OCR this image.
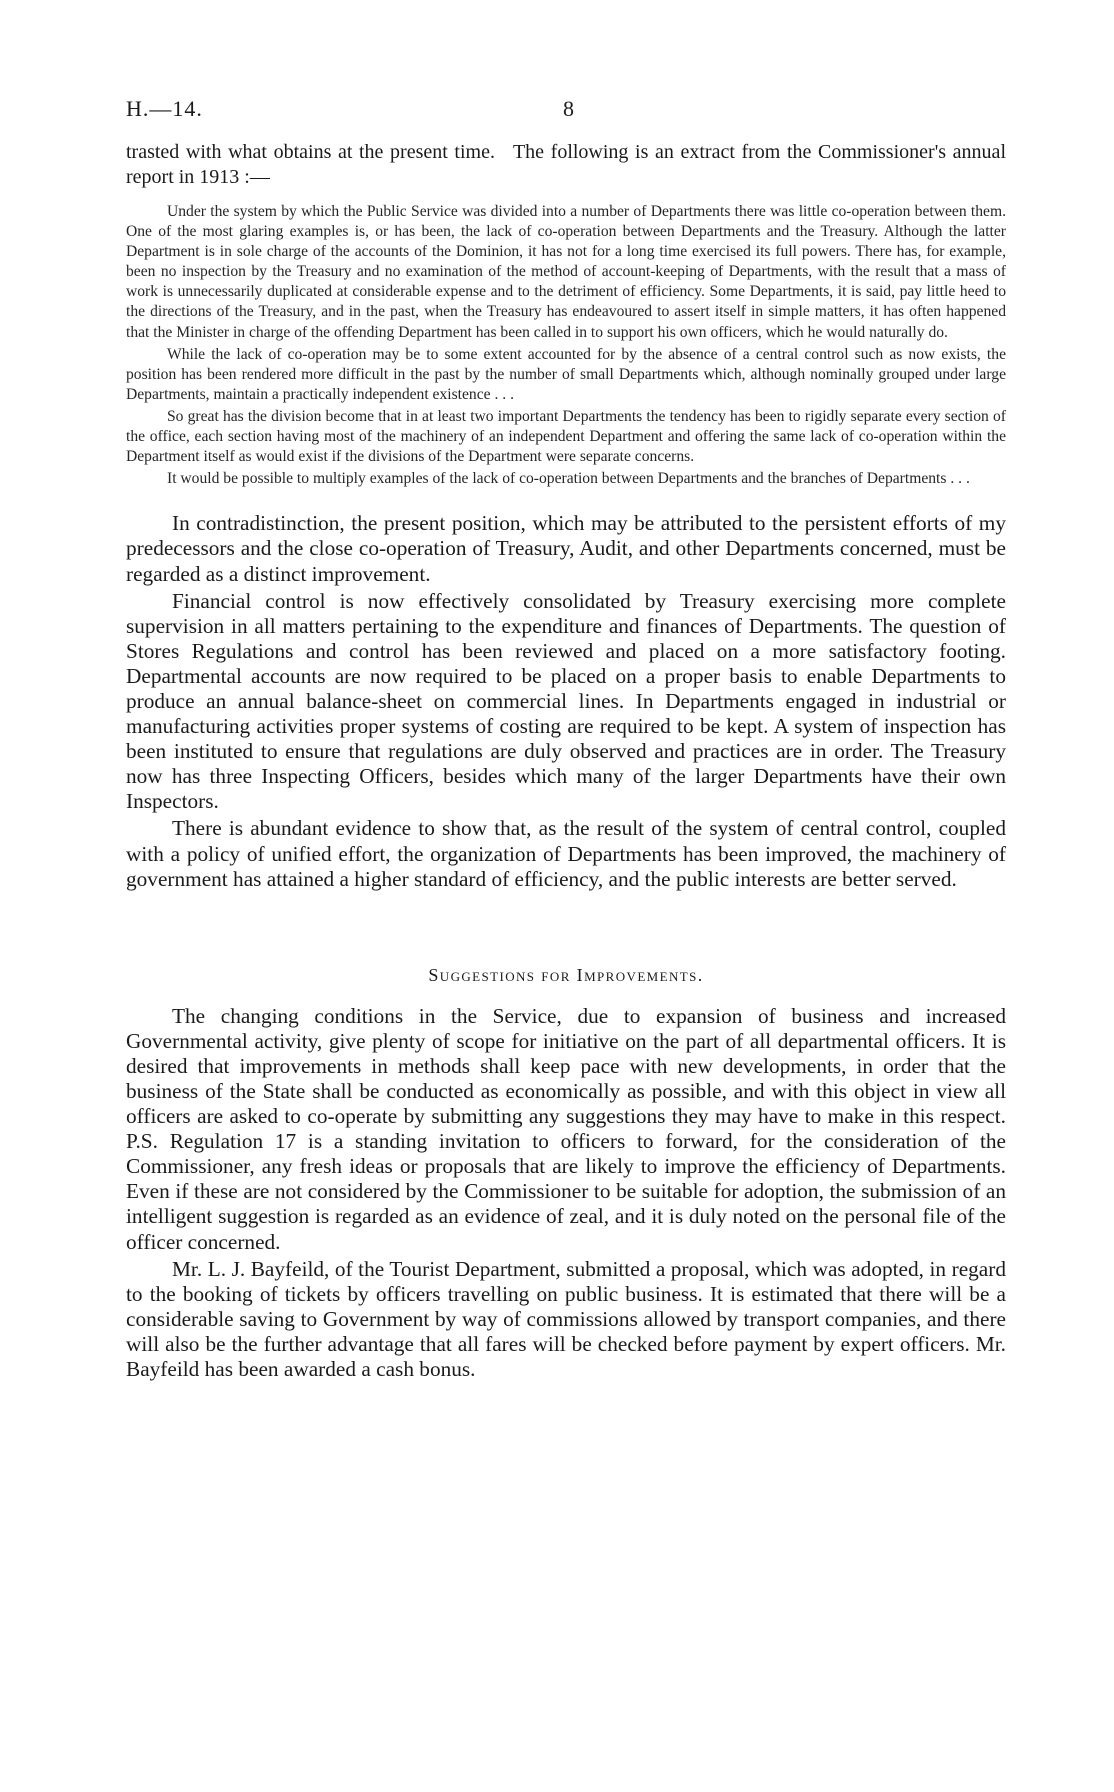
H.—14.	8

trasted with what obtains at the present time. The following is an extract from the Commissioner's annual report in 1913 :—

Under the system by which the Public Service was divided into a number of Departments there was little co-operation between them. One of the most glaring examples is, or has been, the lack of co-operation between Departments and the Treasury. Although the latter Department is in sole charge of the accounts of the Dominion, it has not for a long time exercised its full powers. There has, for example, been no inspection by the Treasury and no examination of the method of account-keeping of Departments, with the result that a mass of work is unnecessarily duplicated at considerable expense and to the detriment of efficiency. Some Departments, it is said, pay little heed to the directions of the Treasury, and in the past, when the Treasury has endeavoured to assert itself in simple matters, it has often happened that the Minister in charge of the offending Department has been called in to support his own officers, which he would naturally do.

While the lack of co-operation may be to some extent accounted for by the absence of a central control such as now exists, the position has been rendered more difficult in the past by the number of small Departments which, although nominally grouped under large Departments, maintain a practically independent existence . . .

So great has the division become that in at least two important Departments the tendency has been to rigidly separate every section of the office, each section having most of the machinery of an independent Department and offering the same lack of co-operation within the Department itself as would exist if the divisions of the Department were separate concerns.

It would be possible to multiply examples of the lack of co-operation between Departments and the branches of Departments . . .

In contradistinction, the present position, which may be attributed to the persistent efforts of my predecessors and the close co-operation of Treasury, Audit, and other Departments concerned, must be regarded as a distinct improvement.

Financial control is now effectively consolidated by Treasury exercising more complete supervision in all matters pertaining to the expenditure and finances of Departments. The question of Stores Regulations and control has been reviewed and placed on a more satisfactory footing. Departmental accounts are now required to be placed on a proper basis to enable Departments to produce an annual balance-sheet on commercial lines. In Departments engaged in industrial or manufacturing activities proper systems of costing are required to be kept. A system of inspection has been instituted to ensure that regulations are duly observed and practices are in order. The Treasury now has three Inspecting Officers, besides which many of the larger Departments have their own Inspectors.

There is abundant evidence to show that, as the result of the system of central control, coupled with a policy of unified effort, the organization of Departments has been improved, the machinery of government has attained a higher standard of efficiency, and the public interests are better served.

Suggestions for Improvements.

The changing conditions in the Service, due to expansion of business and increased Governmental activity, give plenty of scope for initiative on the part of all departmental officers. It is desired that improvements in methods shall keep pace with new developments, in order that the business of the State shall be conducted as economically as possible, and with this object in view all officers are asked to co-operate by submitting any suggestions they may have to make in this respect. P.S. Regulation 17 is a standing invitation to officers to forward, for the consideration of the Commissioner, any fresh ideas or proposals that are likely to improve the efficiency of Departments. Even if these are not considered by the Commissioner to be suitable for adoption, the submission of an intelligent suggestion is regarded as an evidence of zeal, and it is duly noted on the personal file of the officer concerned.

Mr. L. J. Bayfeild, of the Tourist Department, submitted a proposal, which was adopted, in regard to the booking of tickets by officers travelling on public business. It is estimated that there will be a considerable saving to Government by way of commissions allowed by transport companies, and there will also be the further advantage that all fares will be checked before payment by expert officers. Mr. Bayfeild has been awarded a cash bonus.
